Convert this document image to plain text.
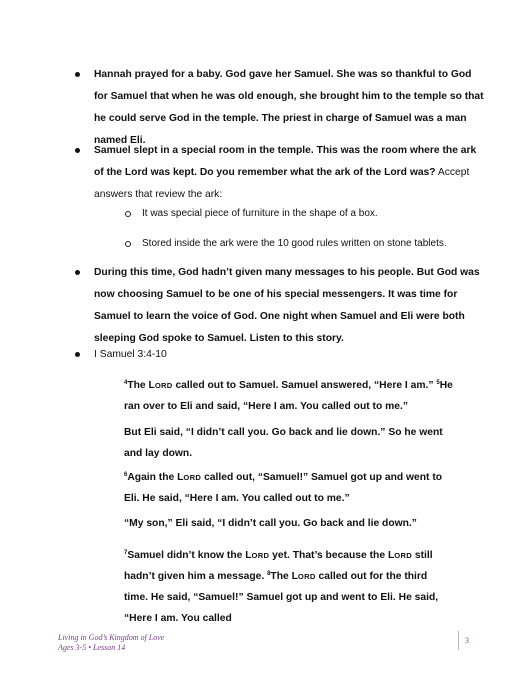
Hannah prayed for a baby. God gave her Samuel. She was so thankful to God for Samuel that when he was old enough, she brought him to the temple so that he could serve God in the temple. The priest in charge of Samuel was a man named Eli.
Samuel slept in a special room in the temple. This was the room where the ark of the Lord was kept. Do you remember what the ark of the Lord was? Accept answers that review the ark:
It was special piece of furniture in the shape of a box.
Stored inside the ark were the 10 good rules written on stone tablets.
During this time, God hadn’t given many messages to his people. But God was now choosing Samuel to be one of his special messengers. It was time for Samuel to learn the voice of God. One night when Samuel and Eli were both sleeping God spoke to Samuel. Listen to this story.
I Samuel 3:4-10
$^4$The LORD called out to Samuel. Samuel answered, “Here I am.” $^5$He ran over to Eli and said, “Here I am. You called out to me.”
But Eli said, “I didn’t call you. Go back and lie down.” So he went and lay down.
$^6$Again the LORD called out, “Samuel!” Samuel got up and went to Eli. He said, “Here I am. You called out to me.”
“My son,” Eli said, “I didn’t call you. Go back and lie down.”
$^7$Samuel didn’t know the LORD yet. That’s because the LORD still hadn’t given him a message. $^8$The LORD called out for the third time. He said, “Samuel!” Samuel got up and went to Eli. He said, “Here I am. You called
Living in God’s Kingdom of Love
Ages 3-5 • Lesson 14
3
